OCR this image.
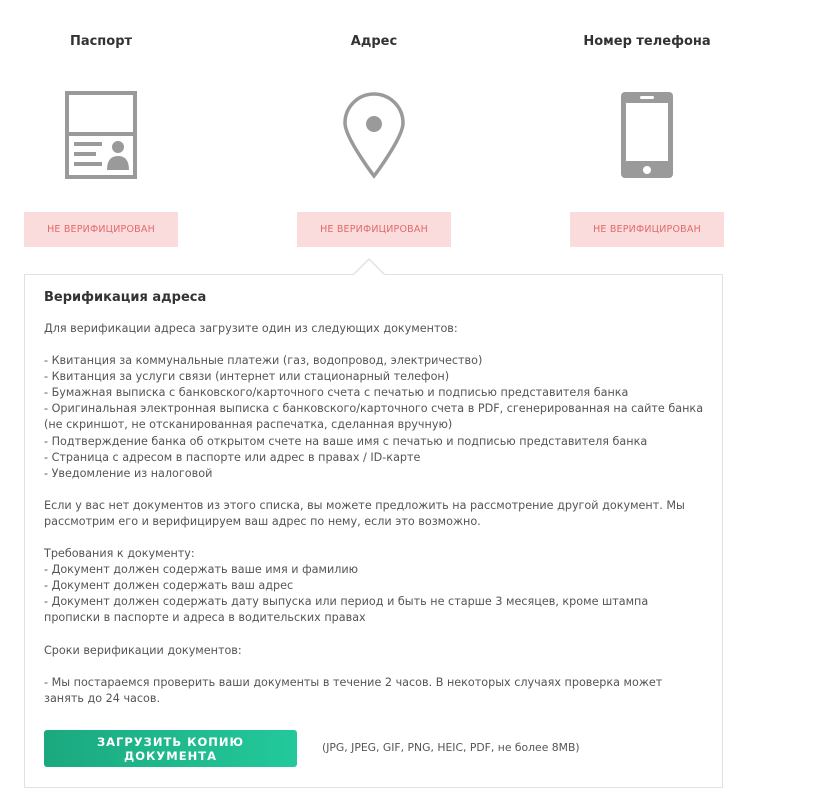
Паспорт
НЕ ВЕРИФИЦИРОВАН
Адрес
НЕ ВЕРИФИЦИРОВАН
Номер телефона
НЕ ВЕРИФИЦИРОВАН
Верификация адреса

Для верификации адреса загрузите один из следующих документов:

- Квитанция за коммунальные платежи (газ, водопровод, электричество)

- Квитанция за услуги связи (интернет или стационарный телефон)

- Бумажная выписка с банковского/карточного счета с печатью и подписью представителя банка

- Оригинальная электронная выписка с банковского/карточного счета в PDF, сгенерированная на сайте банка (не скриншот, не отсканированная распечатка, сделанная вручную)

- Подтверждение банка об открытом счете на ваше имя с печатью и подписью представителя банка

- Страница с адресом в паспорте или адрес в правах / ID-карте

- Уведомление из налоговой

Если у вас нет документов из этого списка, вы можете предложить на рассмотрение другой документ. Мы рассмотрим его и верифицируем ваш адрес по нему, если это возможно.

Требования к документу:

- Документ должен содержать ваше имя и фамилию

- Документ должен содержать ваш адрес

- Документ должен содержать дату выпуска или период и быть не старше 3 месяцев, кроме штампа прописки в паспорте и адреса в водительских правах

Сроки верификации документов:

- Мы постараемся проверить ваши документы в течение 2 часов. В некоторых случаях проверка может занять до 24 часов.

ЗАГРУЗИТЬ КОПИЮ ДОКУМЕНТА
(JPG, JPEG, GIF, PNG, HEIC, PDF, не более 8MB)
